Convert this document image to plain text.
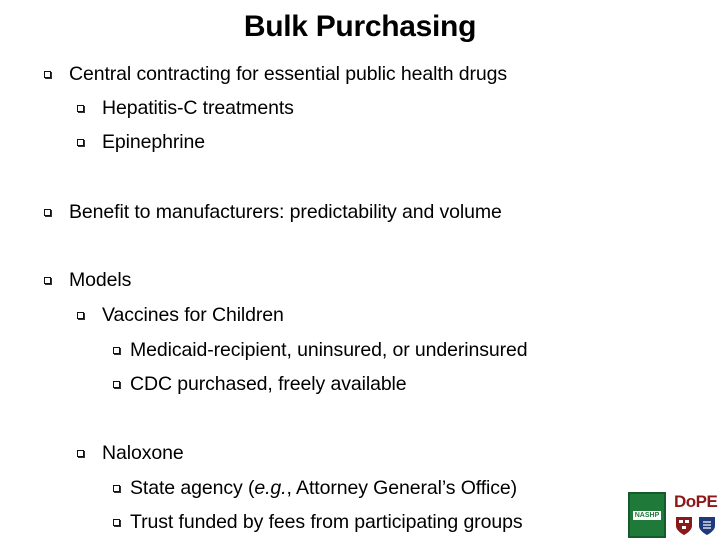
Bulk Purchasing
Central contracting for essential public health drugs
Hepatitis-C treatments
Epinephrine
Benefit to manufacturers: predictability and volume
Models
Vaccines for Children
Medicaid-recipient, uninsured, or underinsured
CDC purchased, freely available
Naloxone
State agency (e.g., Attorney General’s Office)
Trust funded by fees from participating groups	NASHP
DoPE
